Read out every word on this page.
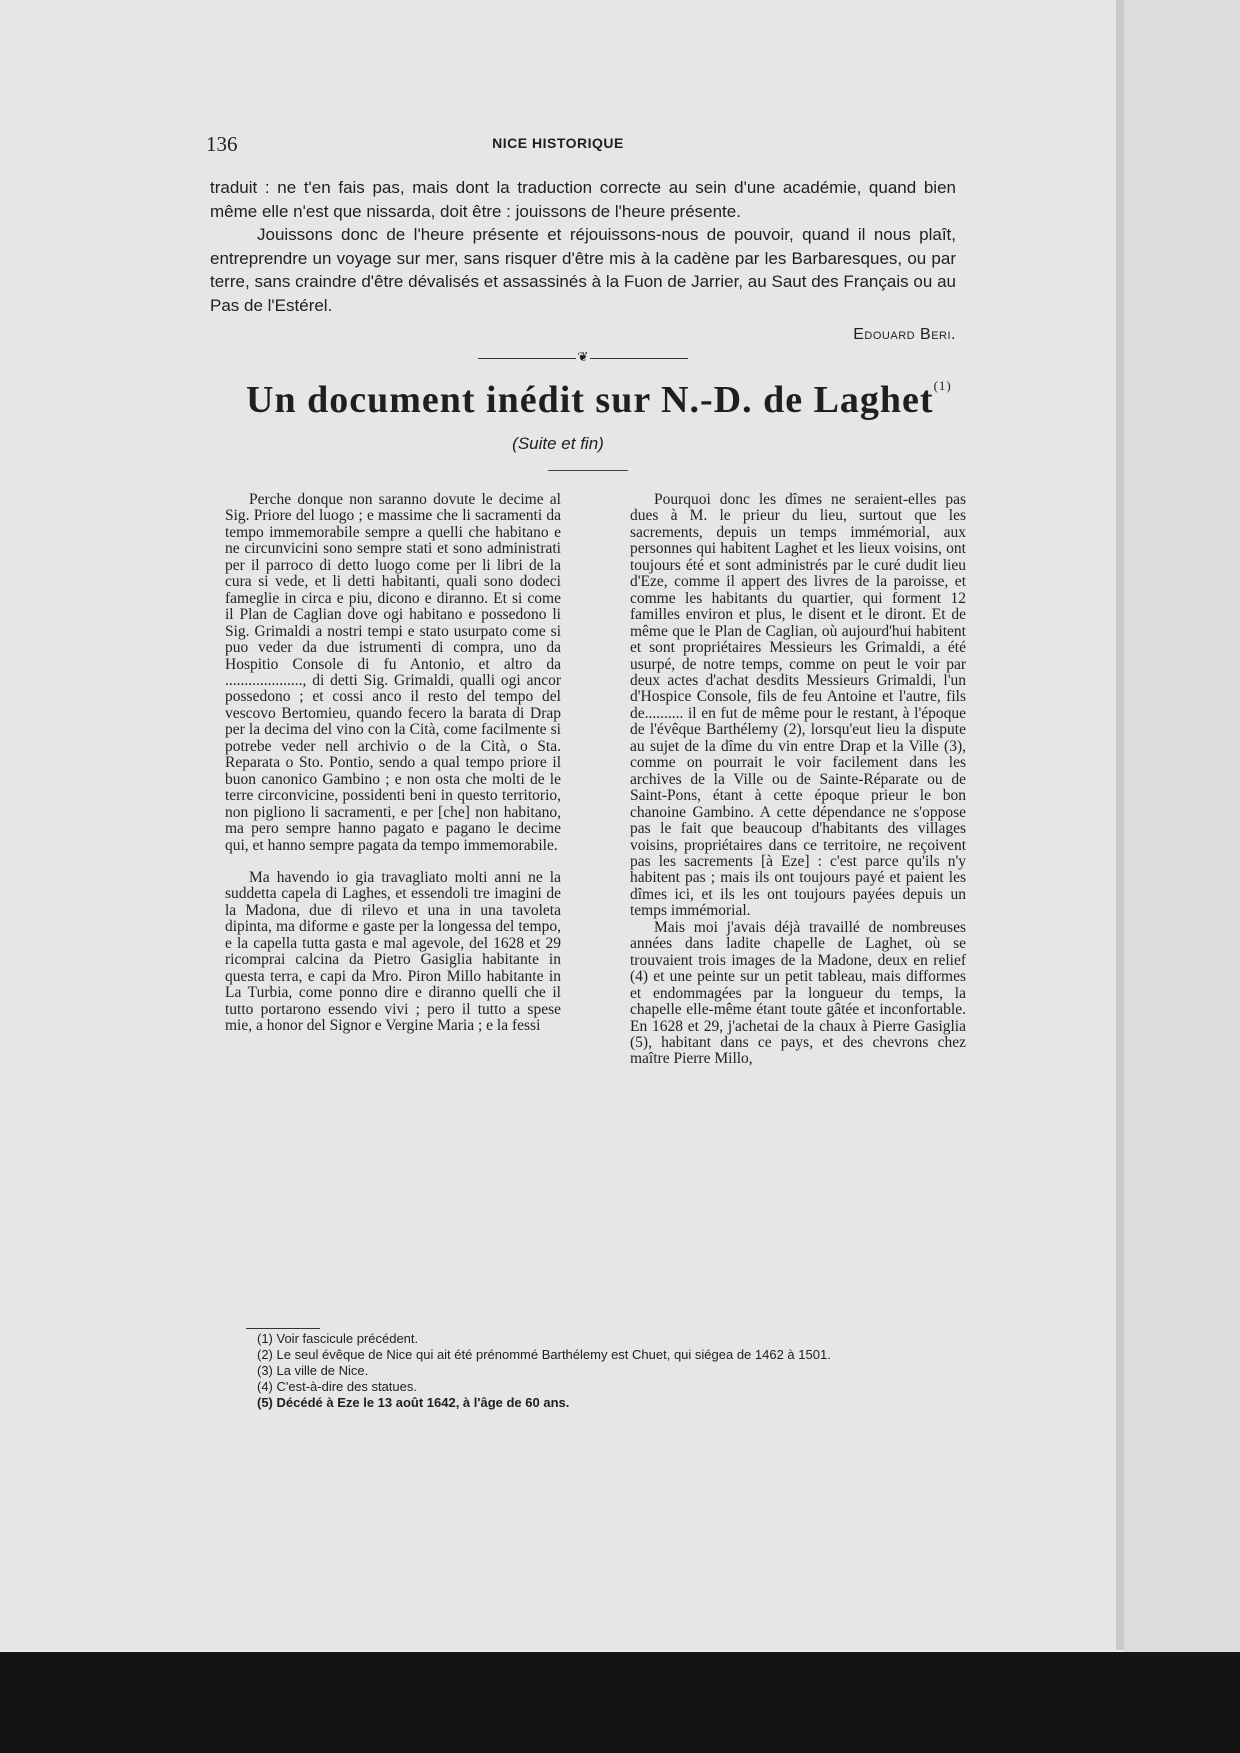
136	NICE HISTORIQUE

traduit : ne t'en fais pas, mais dont la traduction correcte au sein d'une académie, quand bien même elle n'est que nissarda, doit être : jouissons de l'heure présente.

Jouissons donc de l'heure présente et réjouissons-nous de pouvoir, quand il nous plaît, entreprendre un voyage sur mer, sans risquer d'être mis à la cadène par les Barbaresques, ou par terre, sans craindre d'être dévalisés et assassinés à la Fuon de Jarrier, au Saut des Français ou au Pas de l'Estérel.

Edouard Beri.
❦
Un document inédit sur N.-D. de Laghet$^{(1)}$
(Suite et fin)

Perche donque non saranno dovute le decime al Sig. Priore del luogo ; e massime che li sacramenti da tempo immemorabile sempre a quelli che habitano e ne circunvicini sono sempre stati et sono administrati per il parroco di detto luogo come per li libri de la cura si vede, et li detti habitanti, quali sono dodeci fameglie in circa e piu, dicono e diranno. Et si come il Plan de Caglian dove ogi habitano e possedono li Sig. Grimaldi a nostri tempi e stato usurpato come si puo veder da due istrumenti di compra, uno da Hospitio Console di fu Antonio, et altro da ...................., di detti Sig. Grimaldi, qualli ogi ancor possedono ; et cossi anco il resto del tempo del vescovo Bertomieu, quando fecero la barata di Drap per la decima del vino con la Cità, come facilmente si potrebe veder nell archivio o de la Cità, o Sta. Reparata o Sto. Pontio, sendo a qual tempo priore il buon canonico Gambino ; e non osta che molti de le terre circonvicine, possidenti beni in questo territorio, non pigliono li sacramenti, e per [che] non habitano, ma pero sempre hanno pagato e pagano le decime qui, et hanno sempre pagata da tempo immemorabile.

Ma havendo io gia travagliato molti anni ne la suddetta capela di Laghes, et essendoli tre imagini de la Madona, due di rilevo et una in una tavoleta dipinta, ma diforme e gaste per la longessa del tempo, e la capella tutta gasta e mal agevole, del 1628 et 29 ricomprai calcina da Pietro Gasiglia habitante in questa terra, e capi da Mro. Piron Millo habitante in La Turbia, come ponno dire e diranno quelli che il tutto portarono essendo vivi ; pero il tutto a spese mie, a honor del Signor e Vergine Maria ; e la fessi

Pourquoi donc les dîmes ne seraient-elles pas dues à M. le prieur du lieu, surtout que les sacrements, depuis un temps immémorial, aux personnes qui habitent Laghet et les lieux voisins, ont toujours été et sont administrés par le curé dudit lieu d'Eze, comme il appert des livres de la paroisse, et comme les habitants du quartier, qui forment 12 familles environ et plus, le disent et le diront. Et de même que le Plan de Caglian, où aujourd'hui habitent et sont propriétaires Messieurs les Grimaldi, a été usurpé, de notre temps, comme on peut le voir par deux actes d'achat desdits Messieurs Grimaldi, l'un d'Hospice Console, fils de feu Antoine et l'autre, fils de.......... il en fut de même pour le restant, à l'époque de l'évêque Barthélemy (2), lorsqu'eut lieu la dispute au sujet de la dîme du vin entre Drap et la Ville (3), comme on pourrait le voir facilement dans les archives de la Ville ou de Sainte-Réparate ou de Saint-Pons, étant à cette époque prieur le bon chanoine Gambino. A cette dépendance ne s'oppose pas le fait que beaucoup d'habitants des villages voisins, propriétaires dans ce territoire, ne reçoivent pas les sacrements [à Eze] : c'est parce qu'ils n'y habitent pas ; mais ils ont toujours payé et paient les dîmes ici, et ils les ont toujours payées depuis un temps immémorial.

Mais moi j'avais déjà travaillé de nombreuses années dans ladite chapelle de Laghet, où se trouvaient trois images de la Madone, deux en relief (4) et une peinte sur un petit tableau, mais difformes et endommagées par la longueur du temps, la chapelle elle-même étant toute gâtée et inconfortable. En 1628 et 29, j'achetai de la chaux à Pierre Gasiglia (5), habitant dans ce pays, et des chevrons chez maître Pierre Millo,

(1) Voir fascicule précédent.
(2) Le seul évêque de Nice qui ait été prénommé Barthélemy est Chuet, qui siégea de 1462 à 1501.
(3) La ville de Nice.
(4) C'est-à-dire des statues.
(5) Décédé à Eze le 13 août 1642, à l'âge de 60 ans.
